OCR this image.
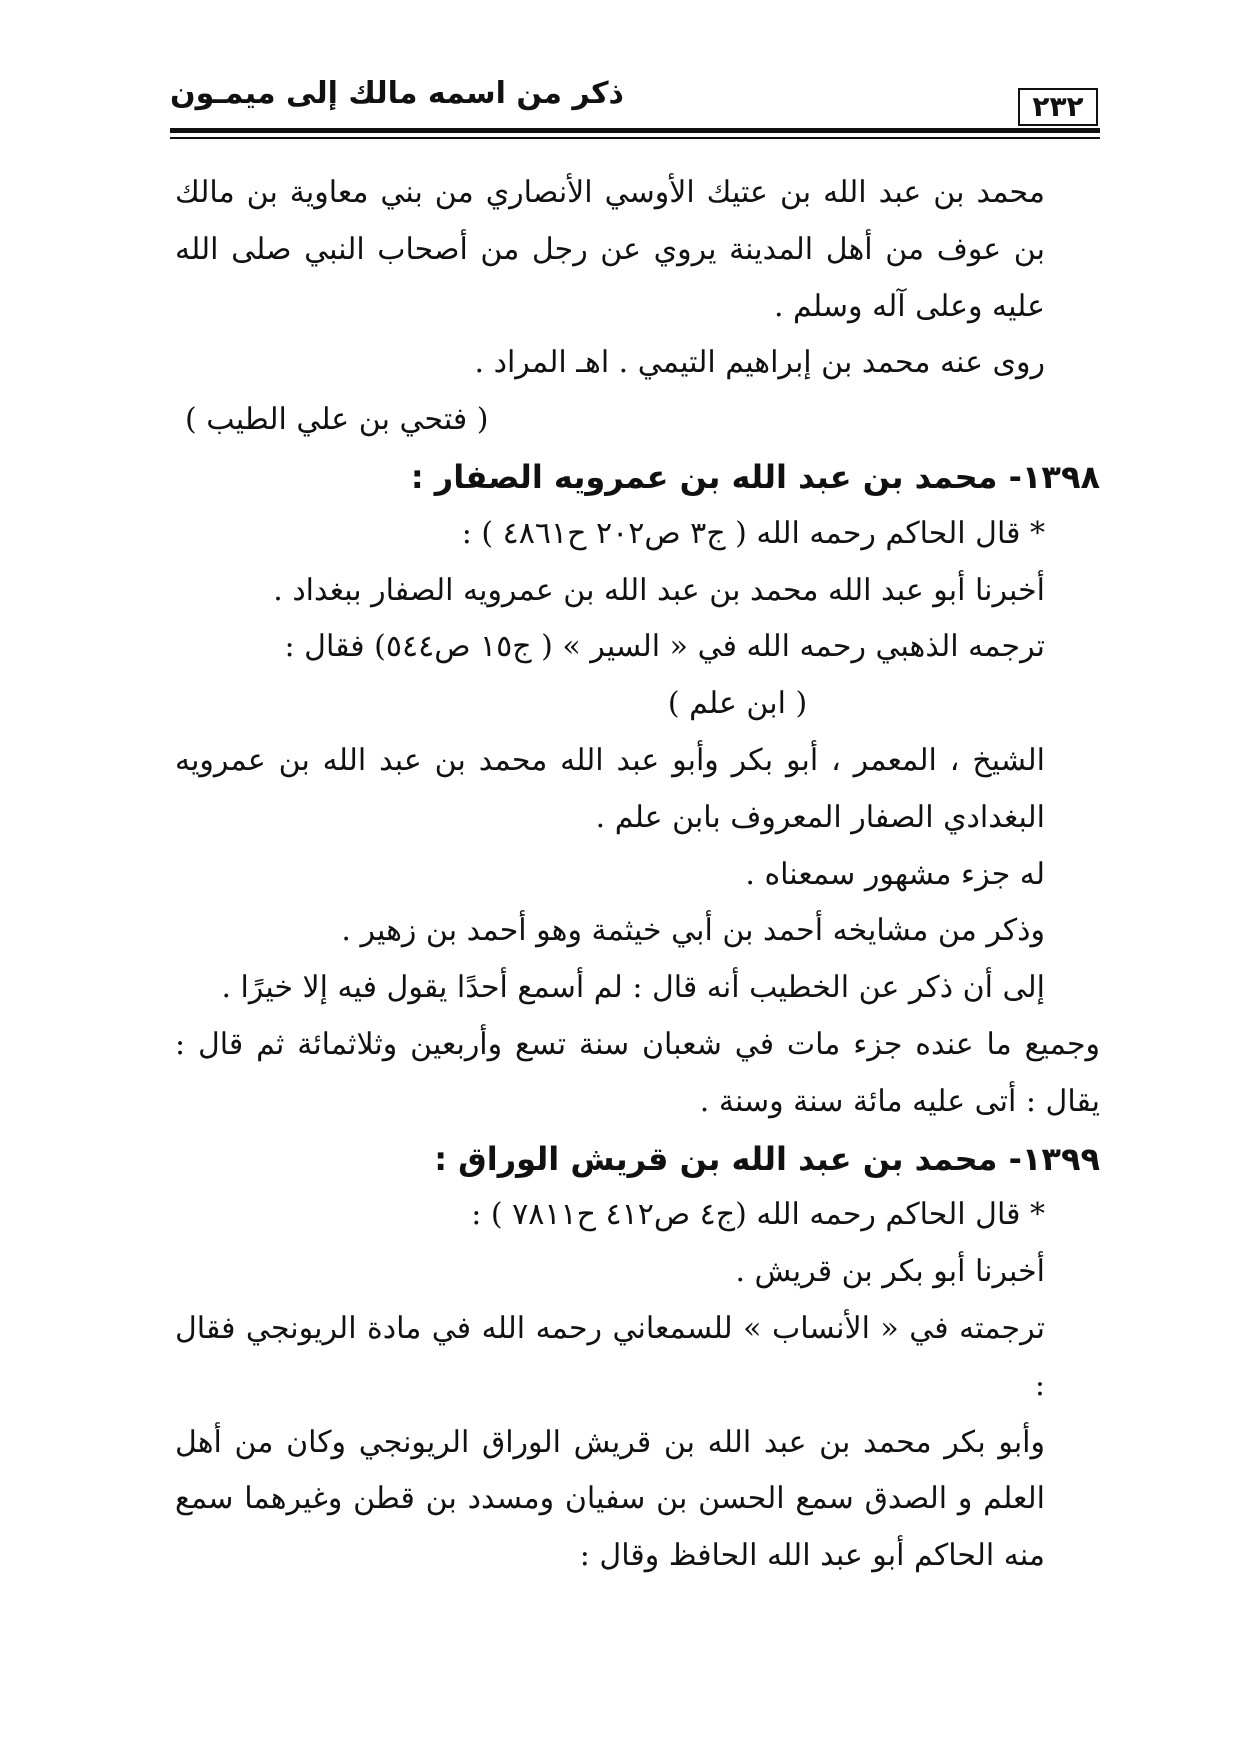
٢٣٢
ذكر من اسمه مالك إلى ميمـون

محمد بن عبد الله بن عتيك الأوسي الأنصاري من بني معاوية بن مالك بن عوف من أهل المدينة يروي عن رجل من أصحاب النبي صلى الله عليه وعلى آله وسلم .

روى عنه محمد بن إبراهيم التيمي . اهـ المراد .

( فتحي بن علي الطيب )

١٣٩٨- محمد بن عبد الله بن عمرويه الصفار :

* قال الحاكم رحمه الله ( ج٣ ص٢٠٢ ح٤٨٦١ ) :

أخبرنا أبو عبد الله محمد بن عبد الله بن عمرويه الصفار ببغداد .

ترجمه الذهبي رحمه الله في « السير » ( ج١٥ ص٥٤٤) فقال :

( ابن علم )

الشيخ ، المعمر ، أبو بكر وأبو عبد الله محمد بن عبد الله بن عمرويه البغدادي الصفار المعروف بابن علم .

له جزء مشهور سمعناه .

وذكر من مشايخه أحمد بن أبي خيثمة وهو أحمد بن زهير .

إلى أن ذكر عن الخطيب أنه قال : لم أسمع أحدًا يقول فيه إلا خيرًا .

وجميع ما عنده جزء مات في شعبان سنة تسع وأربعين وثلاثمائة ثم قال : يقال : أتى عليه مائة سنة وسنة .

١٣٩٩- محمد بن عبد الله بن قريش الوراق :

* قال الحاكم رحمه الله (ج٤ ص٤١٢ ح٧٨١١ ) :

أخبرنا أبو بكر بن قريش .

ترجمته في « الأنساب » للسمعاني رحمه الله في مادة الريونجي فقال :

وأبو بكر محمد بن عبد الله بن قريش الوراق الريونجي وكان من أهل العلم و الصدق سمع الحسن بن سفيان ومسدد بن قطن وغيرهما سمع منه الحاكم أبو عبد الله الحافظ وقال :
